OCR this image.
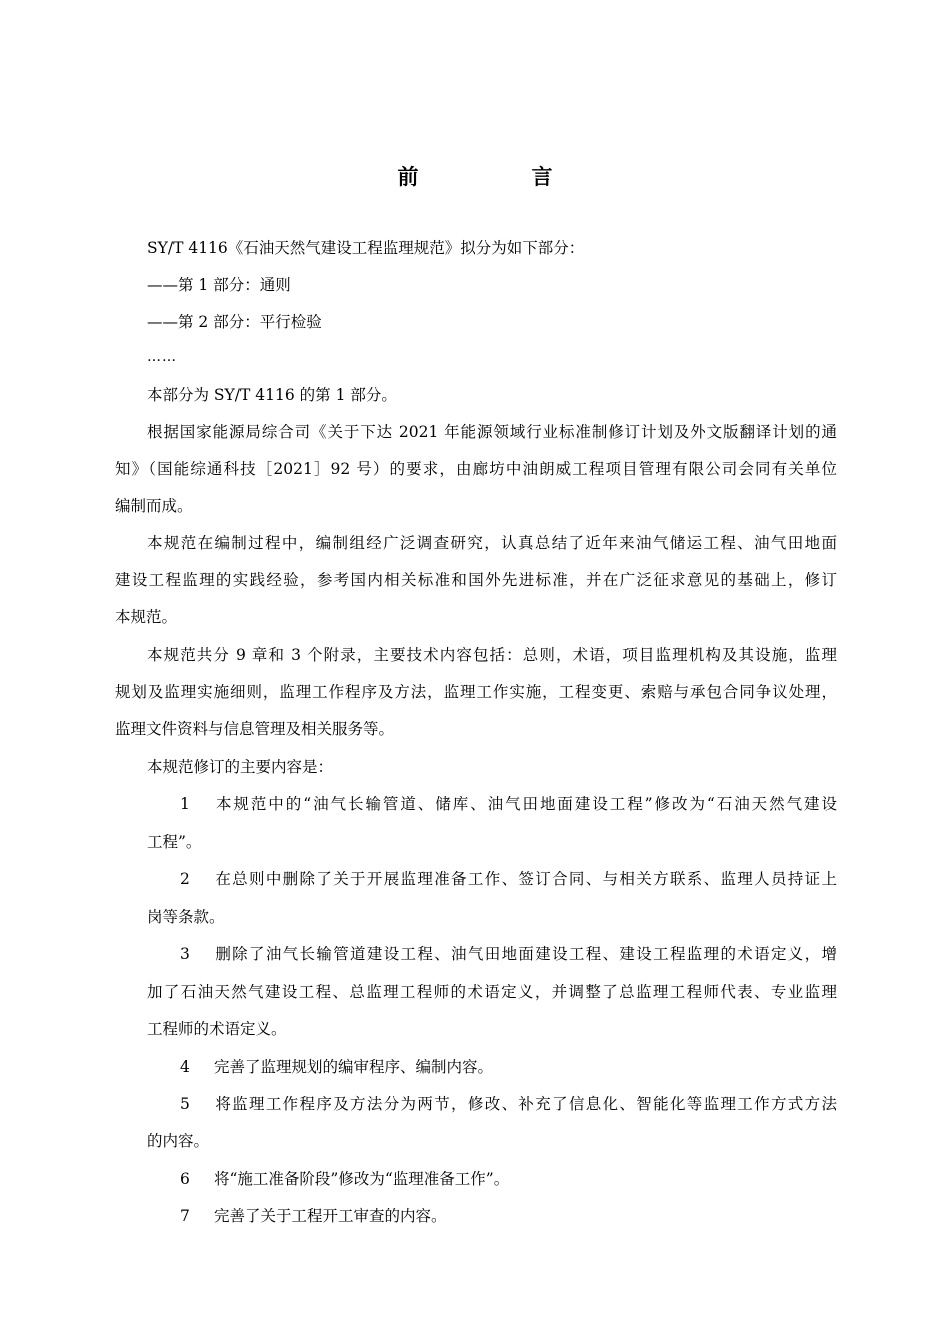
前　言
SY/T 4116《石油天然气建设工程监理规范》拟分为如下部分：
——第 1 部分：通则
——第 2 部分：平行检验
……
本部分为 SY/T 4116 的第 1 部分。
根据国家能源局综合司《关于下达 2021 年能源领域行业标准制修订计划及外文版翻译计划的通
知》（国能综通科技［2021］92 号）的要求，由廊坊中油朗威工程项目管理有限公司会同有关单位
编制而成。
本规范在编制过程中，编制组经广泛调查研究，认真总结了近年来油气储运工程、油气田地面
建设工程监理的实践经验，参考国内相关标准和国外先进标准，并在广泛征求意见的基础上，修订
本规范。
本规范共分 9 章和 3 个附录，主要技术内容包括：总则，术语，项目监理机构及其设施，监理
规划及监理实施细则，监理工作程序及方法，监理工作实施，工程变更、索赔与承包合同争议处理，
监理文件资料与信息管理及相关服务等。
本规范修订的主要内容是：
1 本规范中的“油气长输管道、储库、油气田地面建设工程”修改为“石油天然气建设
工程”。
2 在总则中删除了关于开展监理准备工作、签订合同、与相关方联系、监理人员持证上
岗等条款。
3 删除了油气长输管道建设工程、油气田地面建设工程、建设工程监理的术语定义，增
加了石油天然气建设工程、总监理工程师的术语定义，并调整了总监理工程师代表、专业监理
工程师的术语定义。
4 完善了监理规划的编审程序、编制内容。
5 将监理工作程序及方法分为两节，修改、补充了信息化、智能化等监理工作方式方法
的内容。
6 将“施工准备阶段”修改为“监理准备工作”。
7 完善了关于工程开工审查的内容。
